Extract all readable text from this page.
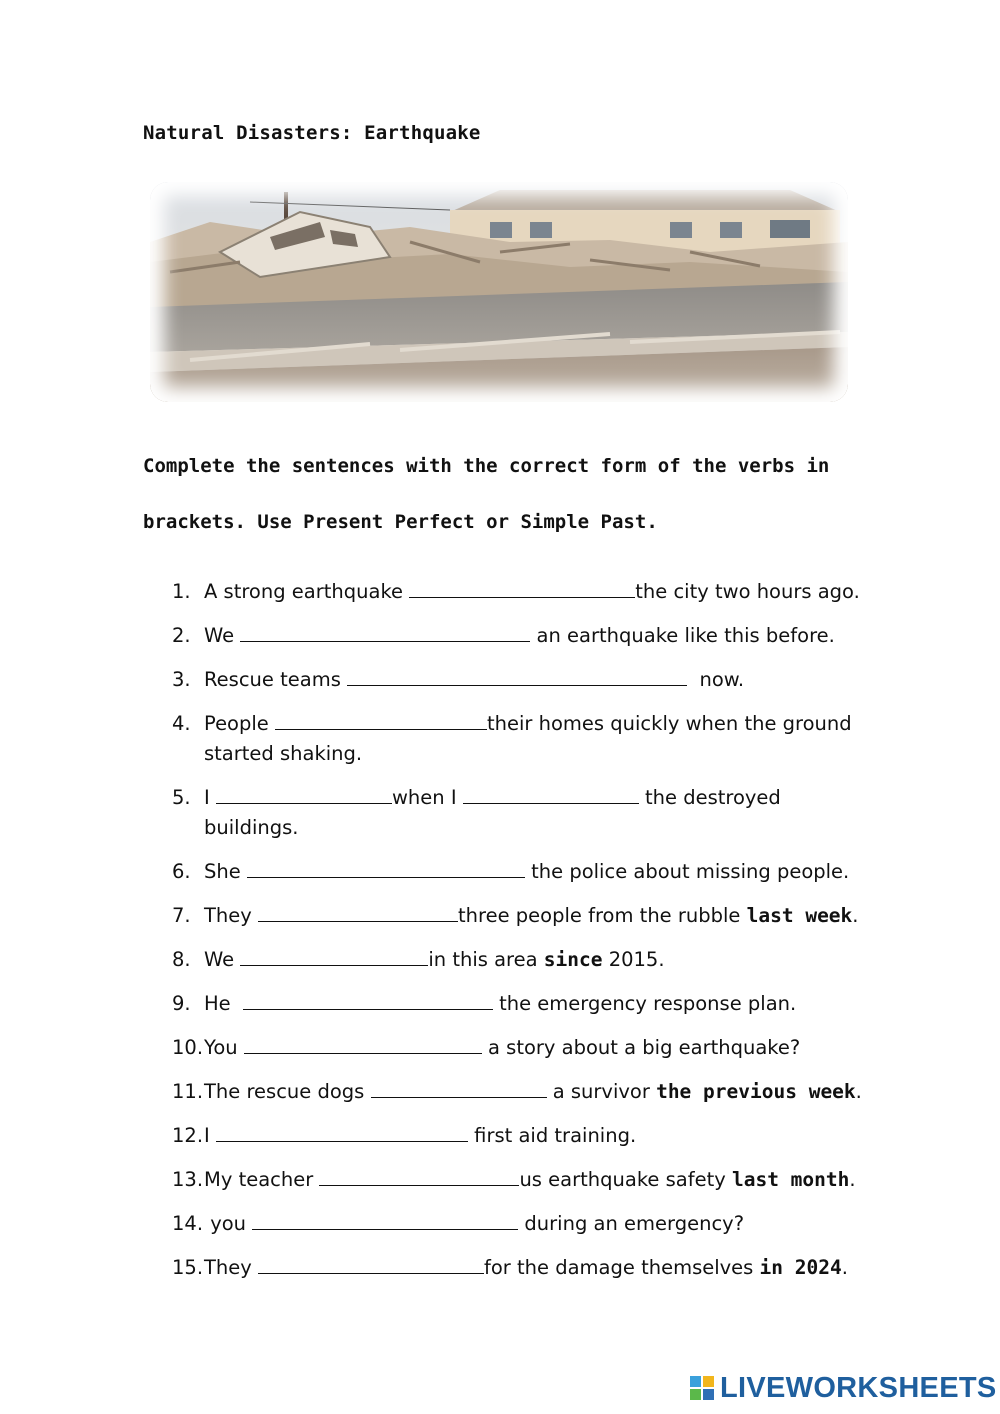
Natural Disasters: Earthquake
Complete the sentences with the correct form of the verbs in
brackets. Use Present Perfect or Simple Past.
1. A strong earthquake	the city two hours ago.
2. We	an earthquake like this before.
3. Rescue teams	now.
4. People	their homes quickly when the ground
started shaking.
5. I	when I	the destroyed
buildings.
6. She	the police about missing people.
7. They	three people from the rubble last week.
8. We	in this area since 2015.
9. He	the emergency response plan.
10.You	a story about a big earthquake?
11.The rescue dogs	a survivor the previous week.
12.I	first aid training.
13.My teacher	us earthquake safety last month.
14. you	during an emergency?
15.They	for the damage themselves in 2024.
LIVEWORKSHEETS
